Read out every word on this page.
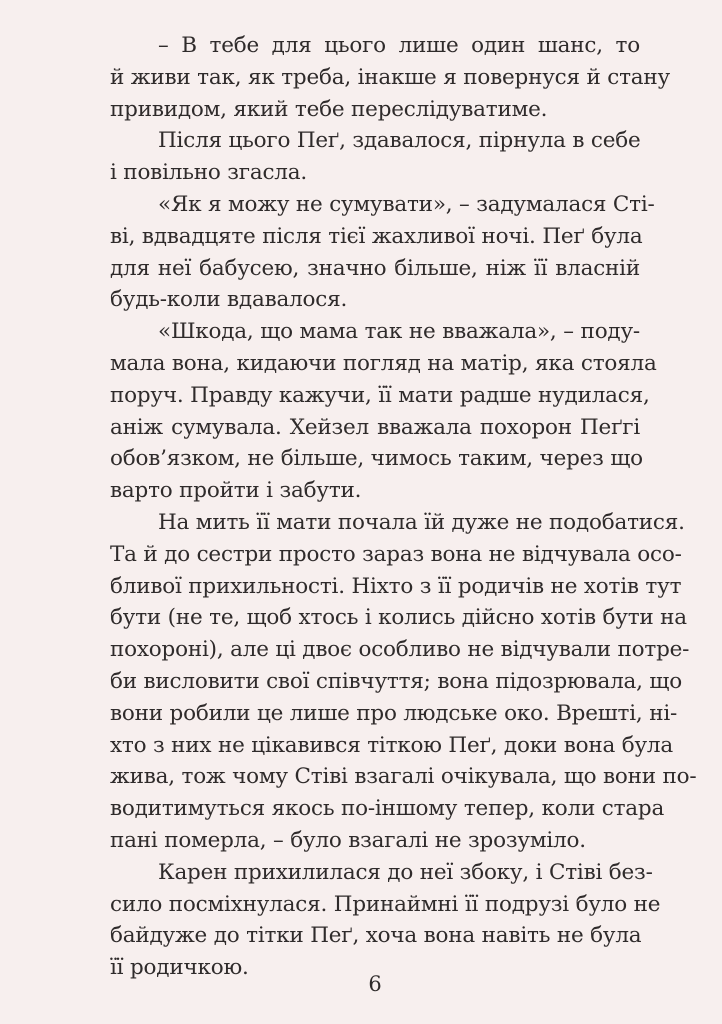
– В тебе для цього лише один шанс, то
й живи так, як треба, інакше я повернуся й стану
привидом, який тебе переслідуватиме.
Після цього Пеґ, здавалося, пірнула в себе
і повільно згасла.
«Як я можу не сумувати», – задумалася Сті-
ві, вдвадцяте після тієї жахливої ночі. Пеґ була
для неї бабусею, значно більше, ніж її власній
будь-коли вдавалося.
«Шкода, що мама так не вважала», – поду-
мала вона, кидаючи погляд на матір, яка стояла
поруч. Правду кажучи, її мати радше нудилася,
аніж сумувала. Хейзел вважала похорон Пеґгі
обов’язком, не більше, чимось таким, через що
варто пройти і забути.
На мить її мати почала їй дуже не подобатися.
Та й до сестри просто зараз вона не відчувала осо-
бливої прихильності. Ніхто з її родичів не хотів тут
бути (не те, щоб хтось і колись дійсно хотів бути на
похороні), але ці двоє особливо не відчували потре-
би висловити свої співчуття; вона підозрювала, що
вони робили це лише про людське око. Врешті, ні-
хто з них не цікавився тіткою Пеґ, доки вона була
жива, тож чому Стіві взагалі очікувала, що вони по-
водитимуться якось по-іншому тепер, коли стара
пані померла, – було взагалі не зрозуміло.
Карен прихилилася до неї збоку, і Стіві без-
сило посміхнулася. Принаймні її подрузі було не
байдуже до тітки Пеґ, хоча вона навіть не була
її родичкою.
6
